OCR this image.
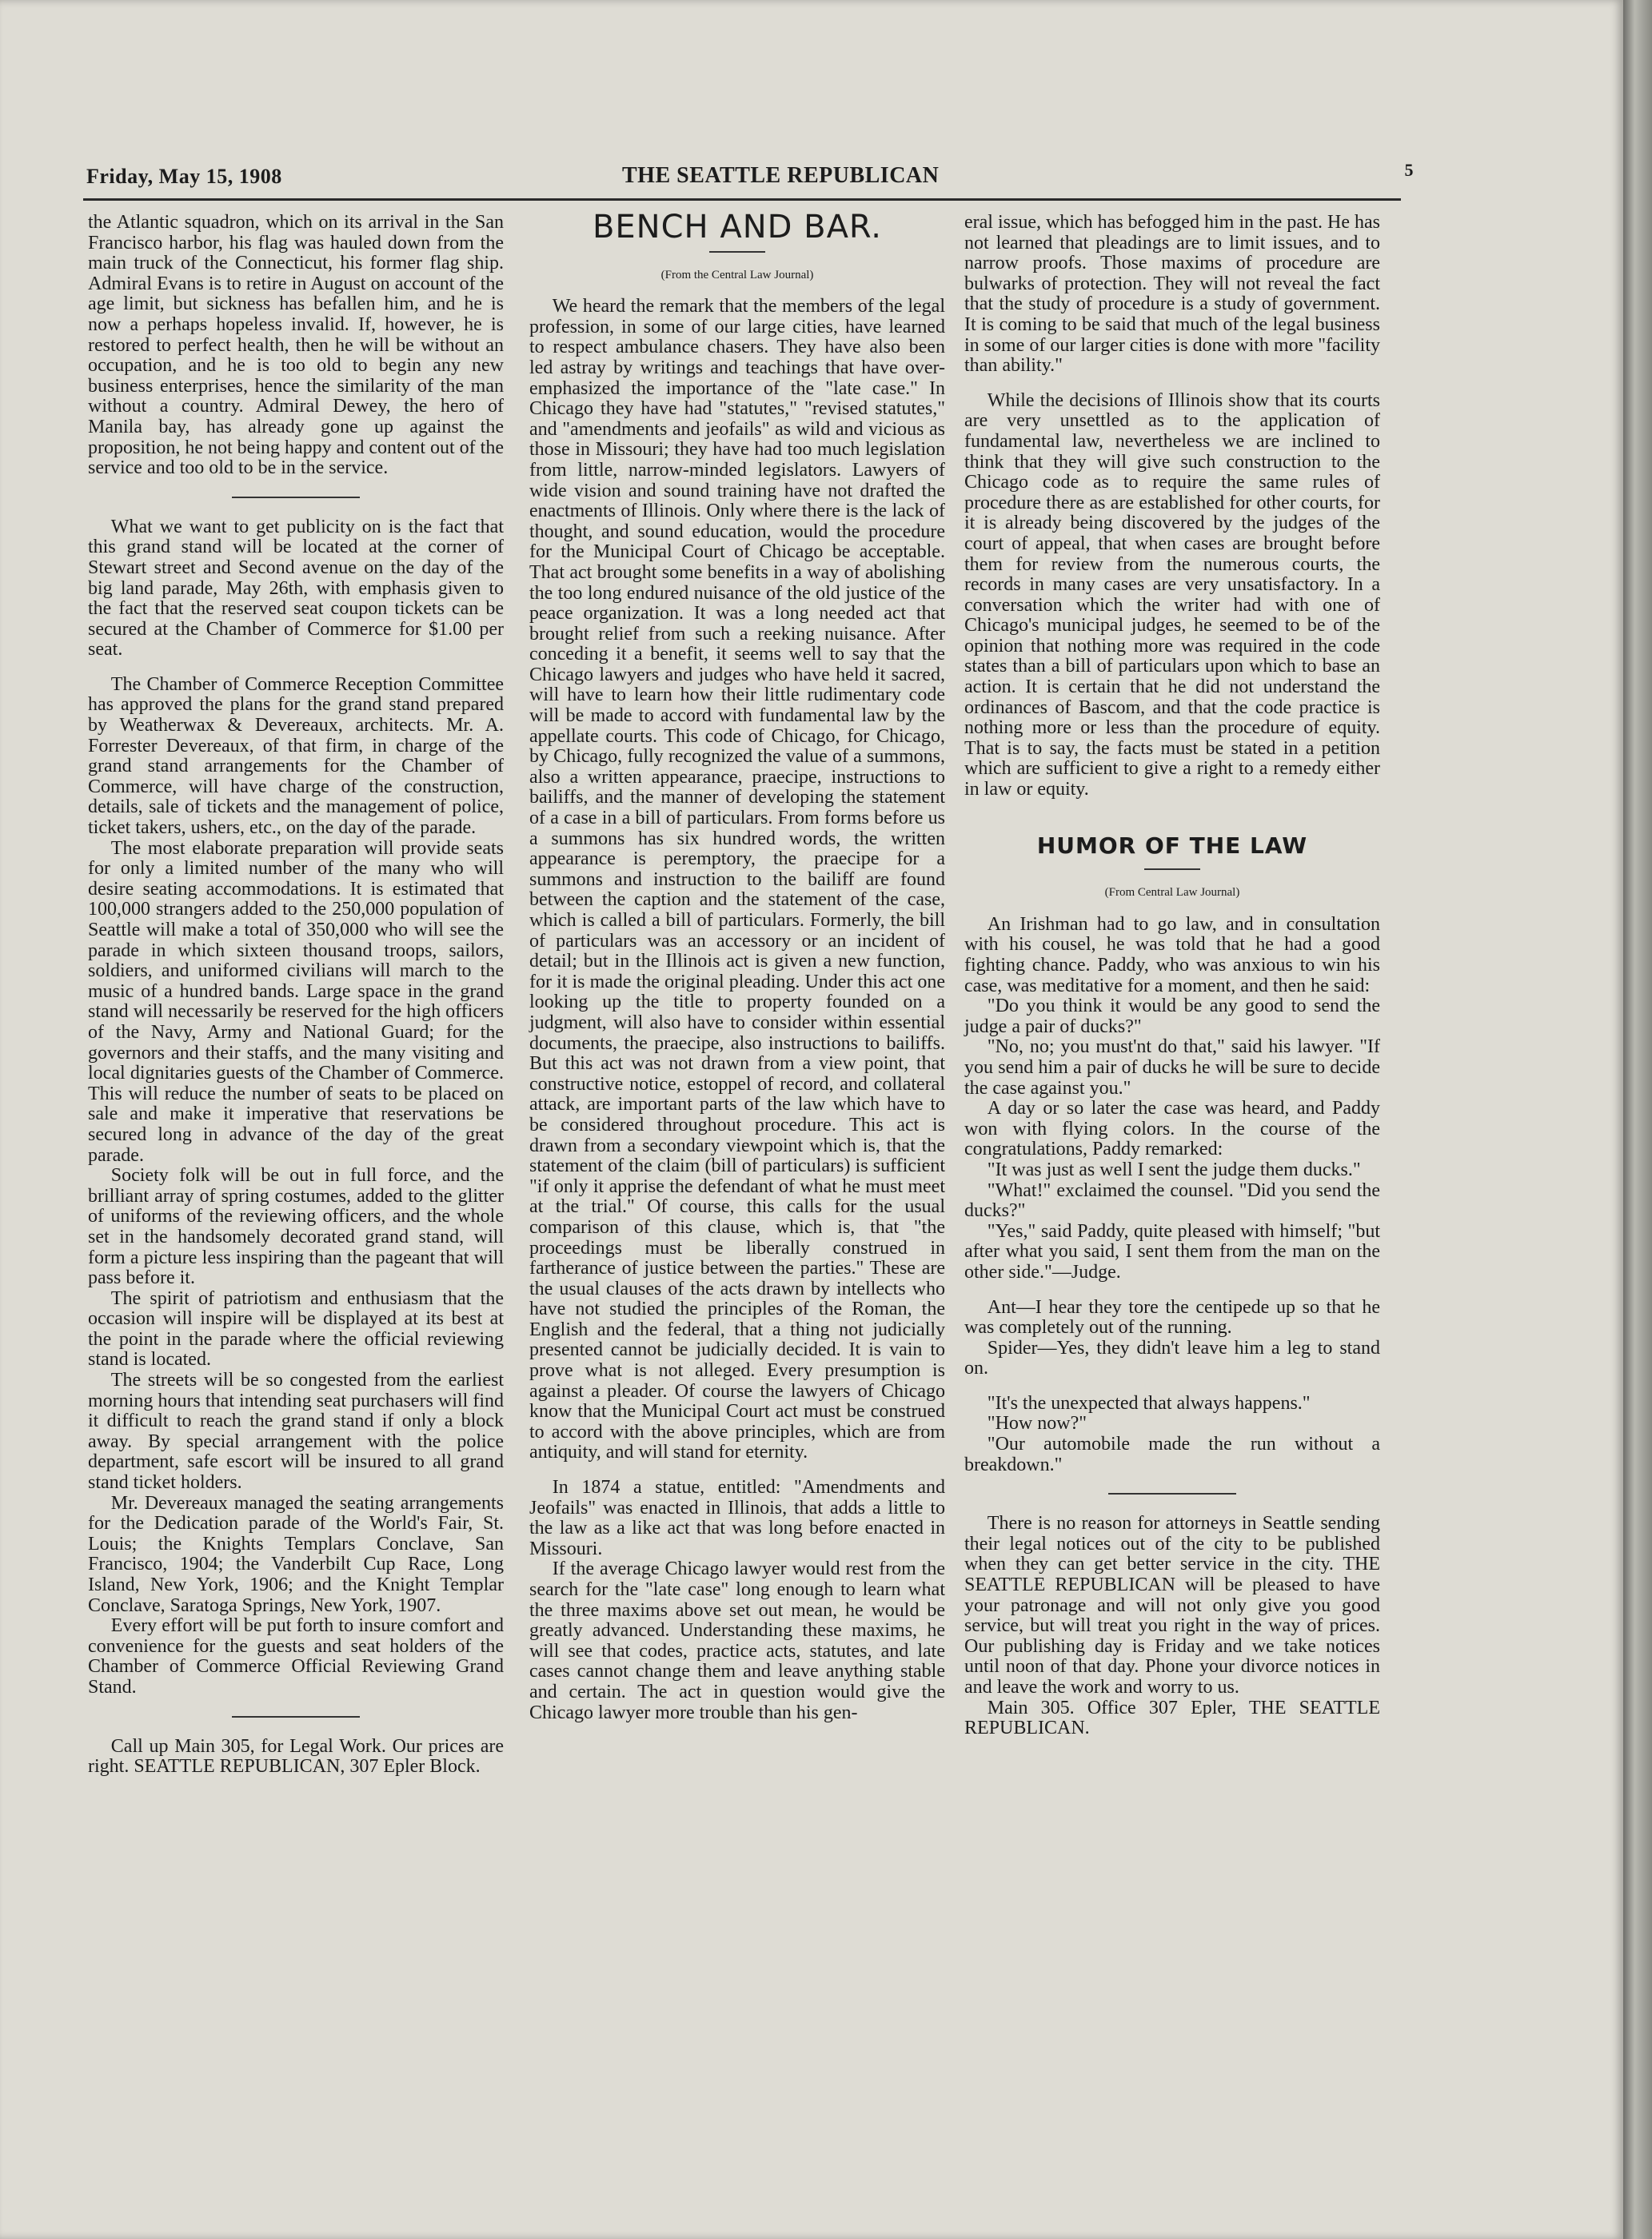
Friday, May 15, 1908	THE SEATTLE REPUBLICAN	5

the Atlantic squadron, which on its arrival in the San Francisco harbor, his flag was hauled down from the main truck of the Connecticut, his former flag ship. Admiral Evans is to retire in August on account of the age limit, but sickness has befallen him, and he is now a perhaps hopeless invalid. If, however, he is restored to perfect health, then he will be without an occupation, and he is too old to begin any new business enterprises, hence the similarity of the man without a country. Admiral Dewey, the hero of Manila bay, has already gone up against the proposition, he not being happy and content out of the service and too old to be in the service.

What we want to get publicity on is the fact that this grand stand will be located at the corner of Stewart street and Second avenue on the day of the big land parade, May 26th, with emphasis given to the fact that the reserved seat coupon tickets can be secured at the Chamber of Commerce for $1.00 per seat.

The Chamber of Commerce Reception Committee has approved the plans for the grand stand prepared by Weatherwax & Devereaux, architects. Mr. A. Forrester Devereaux, of that firm, in charge of the grand stand arrangements for the Chamber of Commerce, will have charge of the construction, details, sale of tickets and the management of police, ticket takers, ushers, etc., on the day of the parade.

The most elaborate preparation will provide seats for only a limited number of the many who will desire seating accommodations. It is estimated that 100,000 strangers added to the 250,000 population of Seattle will make a total of 350,000 who will see the parade in which sixteen thousand troops, sailors, soldiers, and uniformed civilians will march to the music of a hundred bands. Large space in the grand stand will necessarily be reserved for the high officers of the Navy, Army and National Guard; for the governors and their staffs, and the many visiting and local dignitaries guests of the Chamber of Commerce. This will reduce the number of seats to be placed on sale and make it imperative that reservations be secured long in advance of the day of the great parade.

Society folk will be out in full force, and the brilliant array of spring costumes, added to the glitter of uniforms of the reviewing officers, and the whole set in the handsomely decorated grand stand, will form a picture less inspiring than the pageant that will pass before it.

The spirit of patriotism and enthusiasm that the occasion will inspire will be displayed at its best at the point in the parade where the official reviewing stand is located.

The streets will be so congested from the earliest morning hours that intending seat purchasers will find it difficult to reach the grand stand if only a block away. By special arrangement with the police department, safe escort will be insured to all grand stand ticket holders.

Mr. Devereaux managed the seating arrangements for the Dedication parade of the World's Fair, St. Louis; the Knights Templars Conclave, San Francisco, 1904; the Vanderbilt Cup Race, Long Island, New York, 1906; and the Knight Templar Conclave, Saratoga Springs, New York, 1907.

Every effort will be put forth to insure comfort and convenience for the guests and seat holders of the Chamber of Commerce Official Reviewing Grand Stand.

Call up Main 305, for Legal Work. Our prices are right. SEATTLE REPUBLICAN, 307 Epler Block.

BENCH AND BAR.
(From the Central Law Journal)

We heard the remark that the members of the legal profession, in some of our large cities, have learned to respect ambulance chasers. They have also been led astray by writings and teachings that have over-emphasized the importance of the "late case." In Chicago they have had "statutes," "revised statutes," and "amendments and jeofails" as wild and vicious as those in Missouri; they have had too much legislation from little, narrow-minded legislators. Lawyers of wide vision and sound training have not drafted the enactments of Illinois. Only where there is the lack of thought, and sound education, would the procedure for the Municipal Court of Chicago be acceptable. That act brought some benefits in a way of abolishing the too long endured nuisance of the old justice of the peace organization. It was a long needed act that brought relief from such a reeking nuisance. After conceding it a benefit, it seems well to say that the Chicago lawyers and judges who have held it sacred, will have to learn how their little rudimentary code will be made to accord with fundamental law by the appellate courts. This code of Chicago, for Chicago, by Chicago, fully recognized the value of a summons, also a written appearance, praecipe, instructions to bailiffs, and the manner of developing the statement of a case in a bill of particulars. From forms before us a summons has six hundred words, the written appearance is peremptory, the praecipe for a summons and instruction to the bailiff are found between the caption and the statement of the case, which is called a bill of particulars. Formerly, the bill of particulars was an accessory or an incident of detail; but in the Illinois act is given a new function, for it is made the original pleading. Under this act one looking up the title to property founded on a judgment, will also have to consider within essential documents, the praecipe, also instructions to bailiffs. But this act was not drawn from a view point, that constructive notice, estoppel of record, and collateral attack, are important parts of the law which have to be considered throughout procedure. This act is drawn from a secondary viewpoint which is, that the statement of the claim (bill of particulars) is sufficient "if only it apprise the defendant of what he must meet at the trial." Of course, this calls for the usual comparison of this clause, which is, that "the proceedings must be liberally construed in fartherance of justice between the parties." These are the usual clauses of the acts drawn by intellects who have not studied the principles of the Roman, the English and the federal, that a thing not judicially presented cannot be judicially decided. It is vain to prove what is not alleged. Every presumption is against a pleader. Of course the lawyers of Chicago know that the Municipal Court act must be construed to accord with the above principles, which are from antiquity, and will stand for eternity.

In 1874 a statue, entitled: "Amendments and Jeofails" was enacted in Illinois, that adds a little to the law as a like act that was long before enacted in Missouri.

If the average Chicago lawyer would rest from the search for the "late case" long enough to learn what the three maxims above set out mean, he would be greatly advanced. Understanding these maxims, he will see that codes, practice acts, statutes, and late cases cannot change them and leave anything stable and certain. The act in question would give the Chicago lawyer more trouble than his gen-

eral issue, which has befogged him in the past. He has not learned that pleadings are to limit issues, and to narrow proofs. Those maxims of procedure are bulwarks of protection. They will not reveal the fact that the study of procedure is a study of government. It is coming to be said that much of the legal business in some of our larger cities is done with more "facility than ability."

While the decisions of Illinois show that its courts are very unsettled as to the application of fundamental law, nevertheless we are inclined to think that they will give such construction to the Chicago code as to require the same rules of procedure there as are established for other courts, for it is already being discovered by the judges of the court of appeal, that when cases are brought before them for review from the numerous courts, the records in many cases are very unsatisfactory. In a conversation which the writer had with one of Chicago's municipal judges, he seemed to be of the opinion that nothing more was required in the code states than a bill of particulars upon which to base an action. It is certain that he did not understand the ordinances of Bascom, and that the code practice is nothing more or less than the procedure of equity. That is to say, the facts must be stated in a petition which are sufficient to give a right to a remedy either in law or equity.

HUMOR OF THE LAW
(From Central Law Journal)

An Irishman had to go law, and in consultation with his cousel, he was told that he had a good fighting chance. Paddy, who was anxious to win his case, was meditative for a moment, and then he said:

"Do you think it would be any good to send the judge a pair of ducks?"

"No, no; you must'nt do that," said his lawyer. "If you send him a pair of ducks he will be sure to decide the case against you."

A day or so later the case was heard, and Paddy won with flying colors. In the course of the congratulations, Paddy remarked:

"It was just as well I sent the judge them ducks."

"What!" exclaimed the counsel. "Did you send the ducks?"

"Yes," said Paddy, quite pleased with himself; "but after what you said, I sent them from the man on the other side."—Judge.

Ant—I hear they tore the centipede up so that he was completely out of the running.

Spider—Yes, they didn't leave him a leg to stand on.

"It's the unexpected that always happens."

"How now?"

"Our automobile made the run without a breakdown."

There is no reason for attorneys in Seattle sending their legal notices out of the city to be published when they can get better service in the city. THE SEATTLE REPUBLICAN will be pleased to have your patronage and will not only give you good service, but will treat you right in the way of prices. Our publishing day is Friday and we take notices until noon of that day. Phone your divorce notices in and leave the work and worry to us.

Main 305. Office 307 Epler, THE SEATTLE REPUBLICAN.
